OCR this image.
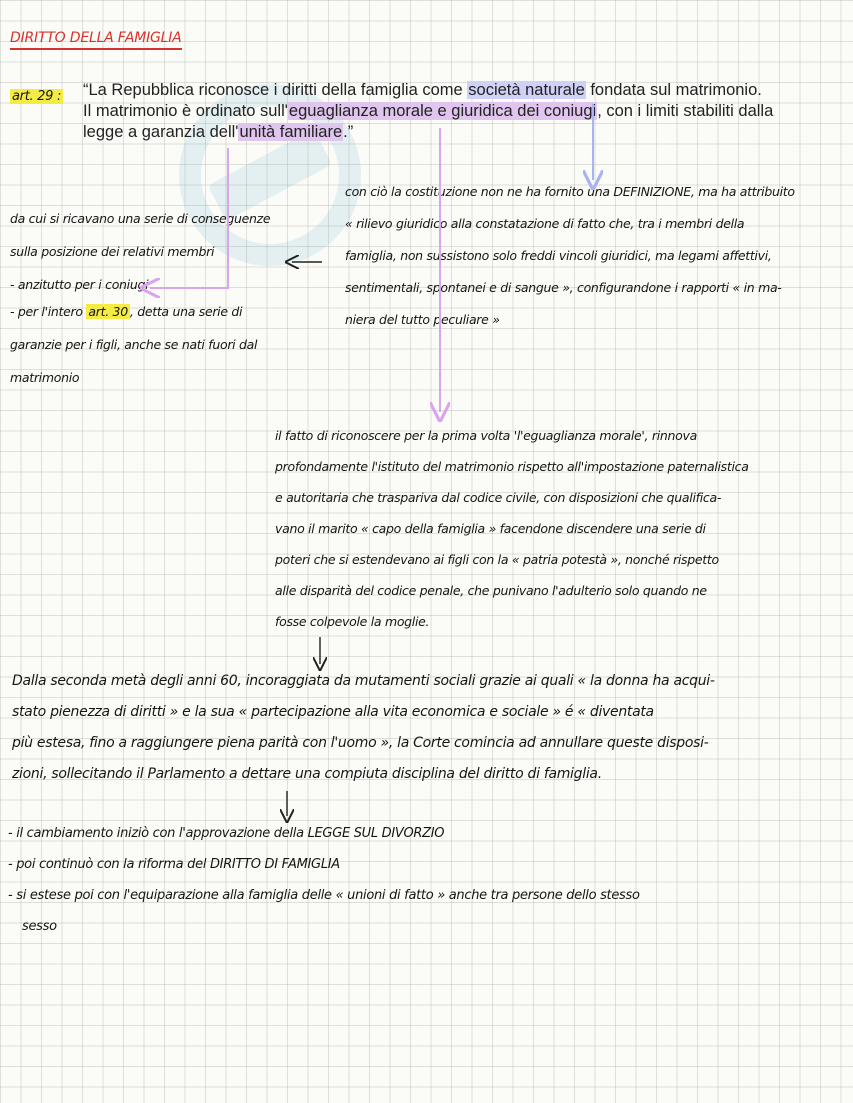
DIRITTO DELLA FAMIGLIA
art. 29 : “La Repubblica riconosce i diritti della famiglia come società naturale fondata sul matrimonio.
Il matrimonio è ordinato sull'eguaglianza morale e giuridica dei coniugi, con i limiti stabiliti dalla
legge a garanzia dell'unità familiare.”
con ciò la costituzione non ne ha fornito una DEFINIZIONE, ma ha attribuito
« rilievo giuridico alla constatazione di fatto che, tra i membri della
famiglia, non sussistono solo freddi vincoli giuridici, ma legami affettivi,
sentimentali, spontanei e di sangue », configurandone i rapporti « in ma-
niera del tutto peculiare »
da cui si ricavano una serie di conseguenze
sulla posizione dei relativi membri
- anzitutto per i coniugi
- per l'intero art. 30 , detta una serie di
garanzie per i figli, anche se nati fuori dal
matrimonio
il fatto di riconoscere per la prima volta 'l'eguaglianza morale', rinnova
profondamente l'istituto del matrimonio rispetto all'impostazione paternalistica
e autoritaria che traspariva dal codice civile, con disposizioni che qualifica-
vano il marito « capo della famiglia » facendone discendere una serie di
poteri che si estendevano ai figli con la « patria potestà », nonché rispetto
alle disparità del codice penale, che punivano l'adulterio solo quando ne
fosse colpevole la moglie.
Dalla seconda metà degli anni 60, incoraggiata da mutamenti sociali grazie ai quali « la donna ha acqui-
stato pienezza di diritti » e la sua « partecipazione alla vita economica e sociale » é « diventata
più estesa, fino a raggiungere piena parità con l'uomo », la Corte comincia ad annullare queste disposi-
zioni, sollecitando il Parlamento a dettare una compiuta disciplina del diritto di famiglia.
- il cambiamento iniziò con l'approvazione della LEGGE SUL DIVORZIO
- poi continuò con la riforma del DIRITTO DI FAMIGLIA
- si estese poi con l'equiparazione alla famiglia delle « unioni di fatto » anche tra persone dello stesso
sesso
